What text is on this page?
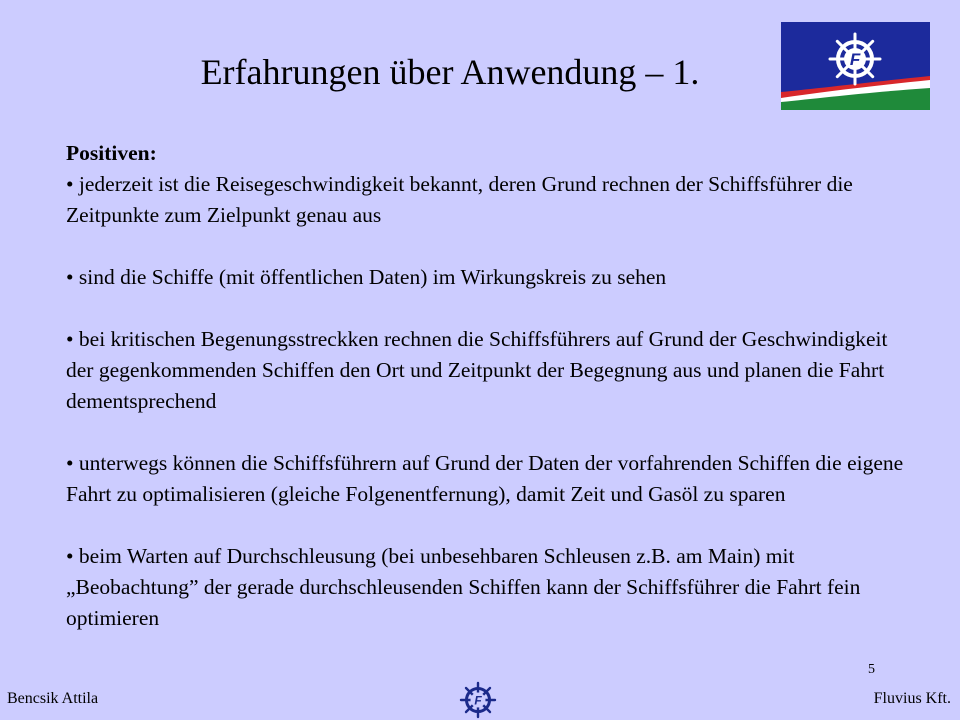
Erfahrungen über Anwendung – 1.	F

Positiven:

• jederzeit ist die Reisegeschwindigkeit bekannt, deren Grund rechnen der Schiffsführer die Zeitpunkte zum Zielpunkt genau aus

• sind die Schiffe (mit öffentlichen Daten) im Wirkungskreis zu sehen

• bei kritischen Begenungsstreckken rechnen die Schiffsführers auf Grund der Geschwindigkeit der gegenkommenden Schiffen den Ort und Zeitpunkt der Begegnung aus und planen die Fahrt dementsprechend

• unterwegs können die Schiffsführern auf Grund der Daten der vorfahrenden Schiffen die eigene Fahrt zu optimalisieren (gleiche Folgenentfernung), damit Zeit und Gasöl zu sparen

• beim Warten auf Durchschleusung (bei unbesehbaren Schleusen z.B. am Main) mit „Beobachtung” der gerade durchschleusenden Schiffen kann der Schiffsführer die Fahrt fein optimieren

5
Bencsik Attila	F	Fluvius Kft.
